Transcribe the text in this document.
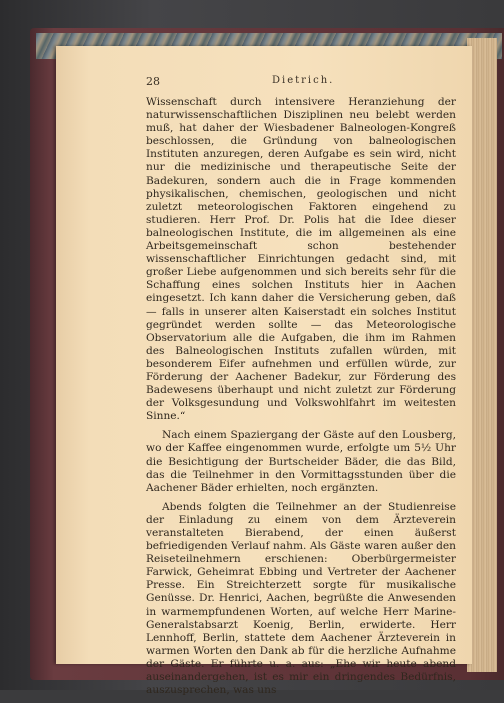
28	Dietrich.

Wissenschaft durch intensivere Heranziehung der naturwissenschaftlichen Disziplinen neu belebt werden muß, hat daher der Wiesbadener Balneologen-Kongreß beschlossen, die Gründung von balneologischen Instituten anzuregen, deren Aufgabe es sein wird, nicht nur die medizinische und therapeutische Seite der Badekuren, sondern auch die in Frage kommenden physikalischen, chemischen, geologischen und nicht zuletzt meteorologischen Faktoren eingehend zu studieren. Herr Prof. Dr. Polis hat die Idee dieser balneologischen Institute, die im allgemeinen als eine Arbeitsgemeinschaft schon bestehender wissenschaftlicher Einrichtungen gedacht sind, mit großer Liebe aufgenommen und sich bereits sehr für die Schaffung eines solchen Instituts hier in Aachen eingesetzt. Ich kann daher die Versicherung geben, daß — falls in unserer alten Kaiserstadt ein solches Institut gegründet werden sollte — das Meteorologische Observatorium alle die Aufgaben, die ihm im Rahmen des Balneologischen Instituts zufallen würden, mit besonderem Eifer aufnehmen und erfüllen würde, zur Förderung der Aachener Badekur, zur Förderung des Badewesens überhaupt und nicht zuletzt zur Förderung der Volksgesundung und Volkswohlfahrt im weitesten Sinne.“

Nach einem Spaziergang der Gäste auf den Lousberg, wo der Kaffee eingenommen wurde, erfolgte um 5½ Uhr die Besichtigung der Burtscheider Bäder, die das Bild, das die Teilnehmer in den Vormittagsstunden über die Aachener Bäder erhielten, noch ergänzten.

Abends folgten die Teilnehmer an der Studienreise der Einladung zu einem von dem Ärzteverein veranstalteten Bierabend, der einen äußerst befriedigenden Verlauf nahm. Als Gäste waren außer den Reiseteilnehmern erschienen: Oberbürgermeister Farwick, Geheimrat Ebbing und Vertreter der Aachener Presse. Ein Streichterzett sorgte für musikalische Genüsse. Dr. Henrici, Aachen, begrüßte die Anwesenden in warmempfundenen Worten, auf welche Herr Marine-Generalstabsarzt Koenig, Berlin, erwiderte. Herr Lennhoff, Berlin, stattete dem Aachener Ärzteverein in warmen Worten den Dank ab für die herzliche Aufnahme der Gäste. Er führte u. a. aus: „Ehe wir heute abend auseinandergehen, ist es mir ein dringendes Bedürfnis, auszusprechen, was uns
